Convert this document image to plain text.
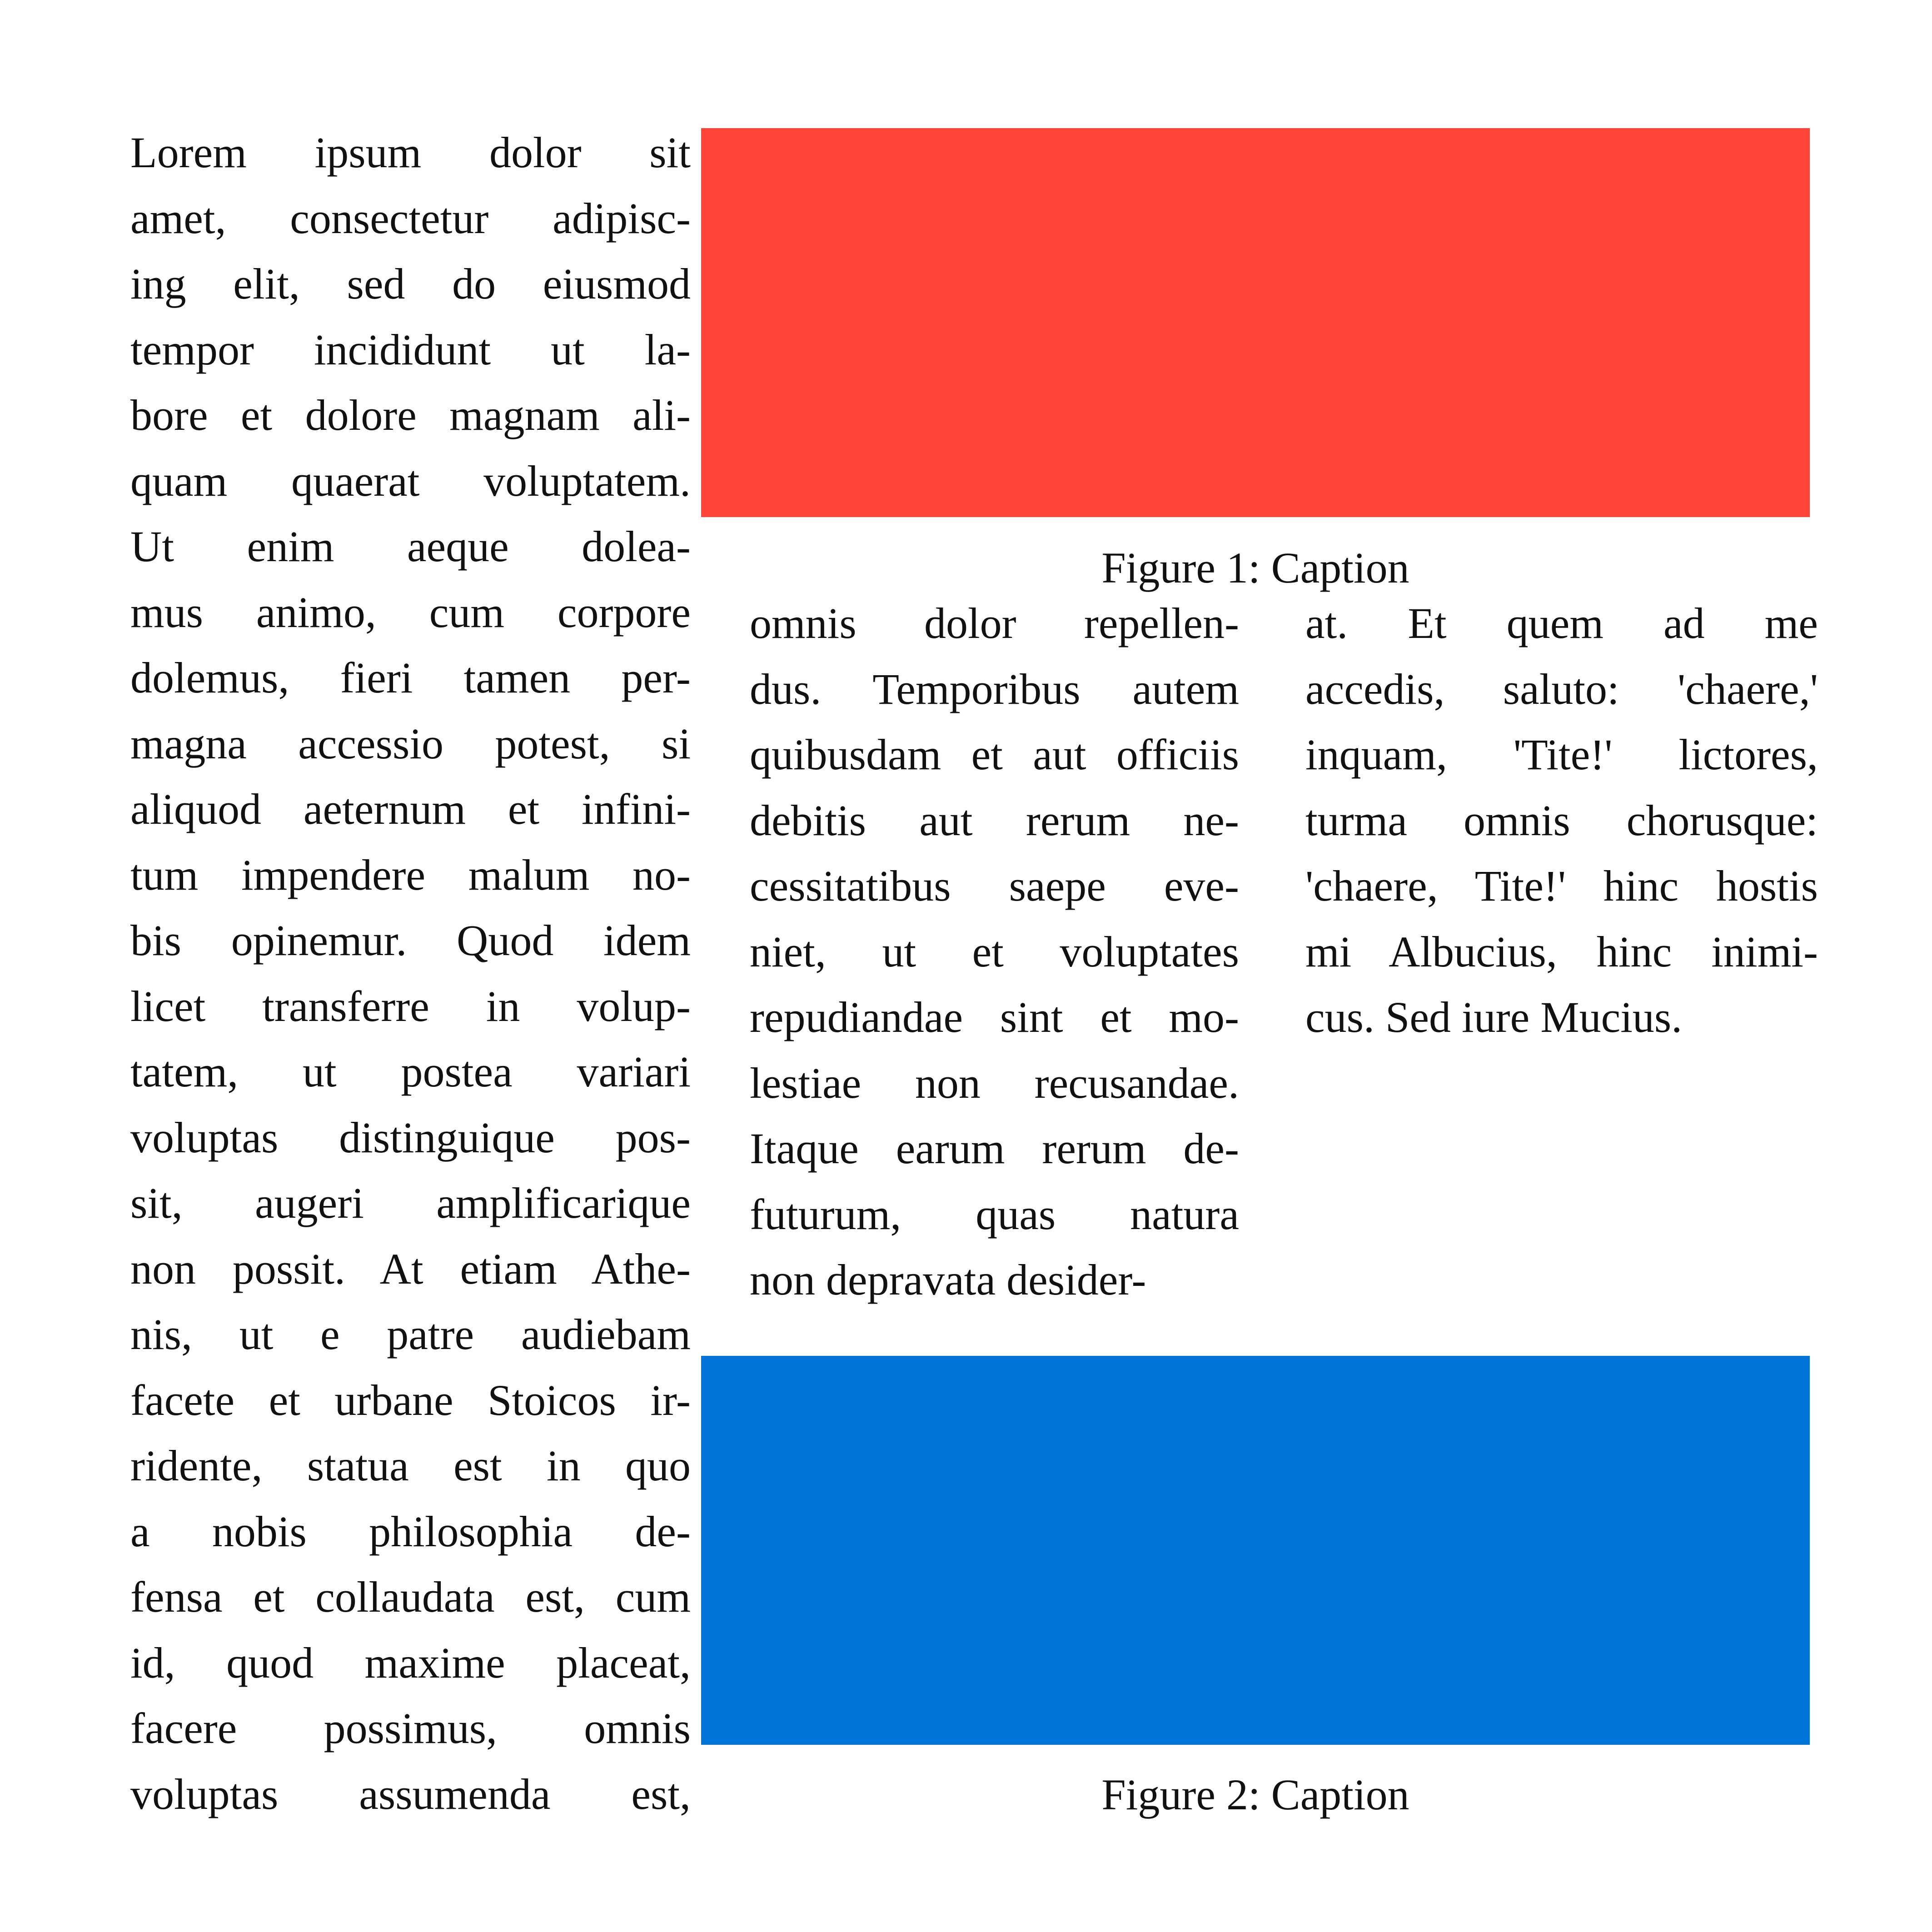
Lorem ipsum dolor sit
amet, consectetur adipisc-
ing elit, sed do eiusmod
tempor incididunt ut la-
bore et dolore magnam ali-
quam quaerat voluptatem.
Ut enim aeque dolea-
mus animo, cum corpore
dolemus, fieri tamen per-
magna accessio potest, si
aliquod aeternum et infini-
tum impendere malum no-
bis opinemur. Quod idem
licet transferre in volup-
tatem, ut postea variari
voluptas distinguique pos-
sit, augeri amplificarique
non possit. At etiam Athe-
nis, ut e patre audiebam
facete et urbane Stoicos ir-
ridente, statua est in quo
a nobis philosophia de-
fensa et collaudata est, cum
id, quod maxime placeat,
facere possimus, omnis
voluptas assumenda est,
Figure 1: Caption
omnis dolor repellen-
dus. Temporibus autem
quibusdam et aut officiis
debitis aut rerum ne-
cessitatibus saepe eve-
niet, ut et voluptates
repudiandae sint et mo-
lestiae non recusandae.
Itaque earum rerum de-
futurum, quas natura
non depravata desider-
at. Et quem ad me
accedis, saluto: 'chaere,'
inquam, 'Tite!' lictores,
turma omnis chorusque:
'chaere, Tite!' hinc hostis
mi Albucius, hinc inimi-
cus. Sed iure Mucius.
Figure 2: Caption
